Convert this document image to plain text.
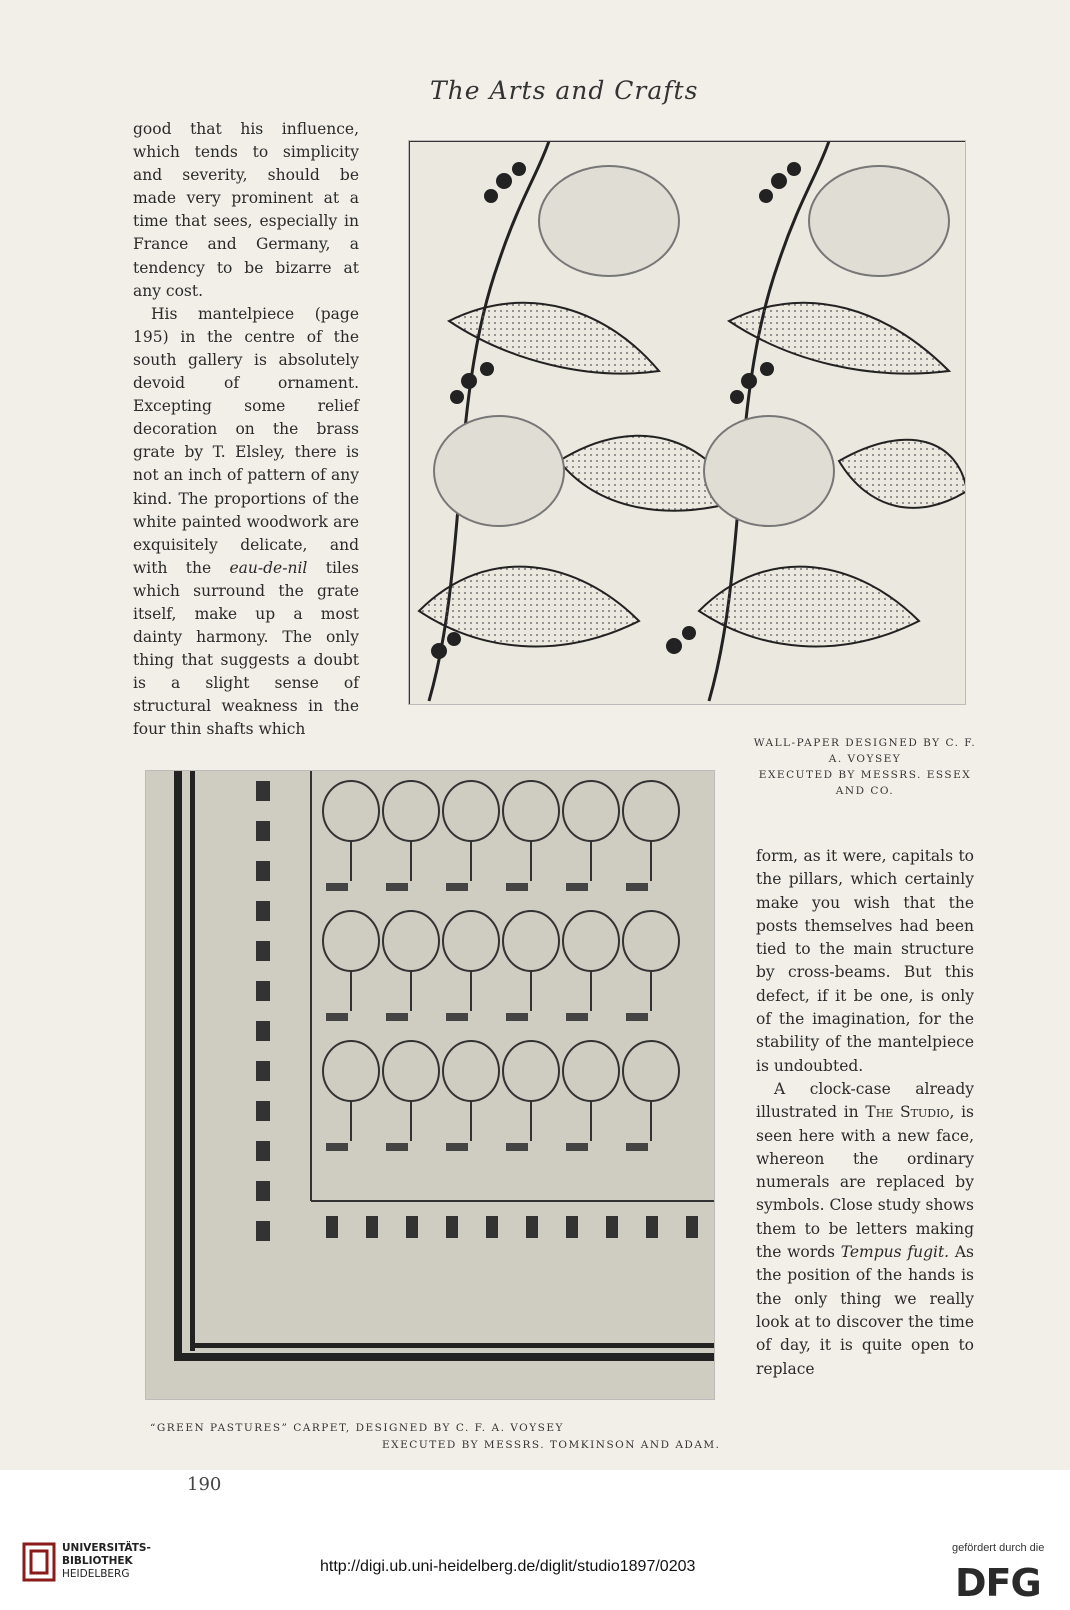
The Arts and Crafts

good that his influence, which tends to simplicity and severity, should be made very prominent at a time that sees, especially in France and Germany, a tendency to be bizarre at any cost.

His mantelpiece (page 195) in the centre of the south gallery is absolutely devoid of ornament. Excepting some relief decoration on the brass grate by T. Elsley, there is not an inch of pattern of any kind. The proportions of the white painted woodwork are exquisitely delicate, and with the eau-de-nil tiles which surround the grate itself, make up a most dainty harmony. The only thing that suggests a doubt is a slight sense of structural weakness in the four thin shafts which

WALL-PAPER DESIGNED BY C. F. A. VOYSEY
EXECUTED BY MESSRS. ESSEX AND CO.

form, as it were, capitals to the pillars, which certainly make you wish that the posts themselves had been tied to the main structure by cross-beams. But this defect, if it be one, is only of the imagination, for the stability of the mantelpiece is undoubted.

A clock-case already illustrated in The Studio, is seen here with a new face, whereon the ordinary numerals are replaced by symbols. Close study shows them to be letters making the words Tempus fugit. As the position of the hands is the only thing we really look at to discover the time of day, it is quite open to replace

“GREEN PASTURES” CARPET, DESIGNED BY C. F. A. VOYSEY
EXECUTED BY MESSRS. TOMKINSON AND ADAM.
190
UNIVERSITÄTS-
BIBLIOTHEK
HEIDELBERG	http://digi.ub.uni-heidelberg.de/diglit/studio1897/0203
gefördert durch die
DFG
